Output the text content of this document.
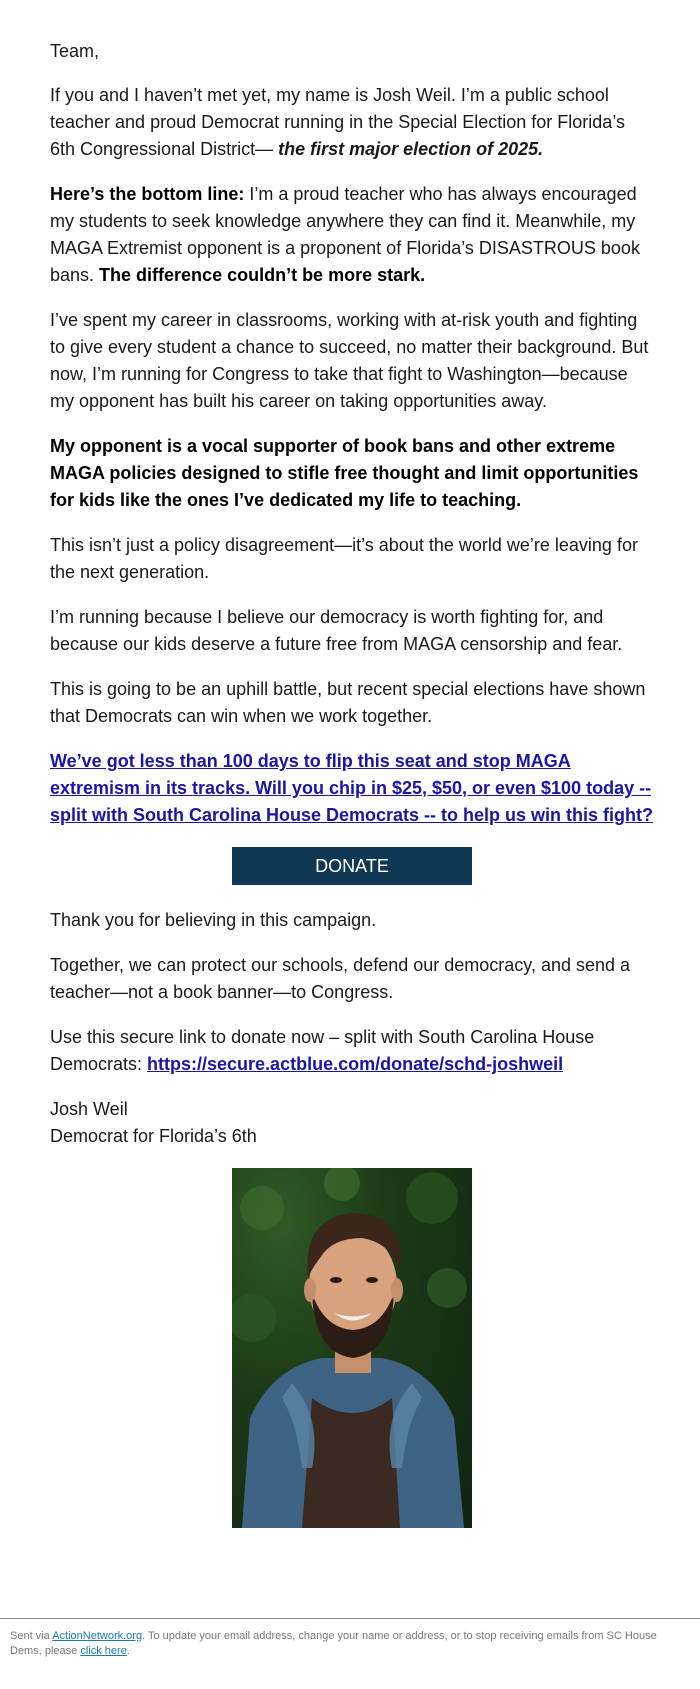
Team,

If you and I haven’t met yet, my name is Josh Weil. I’m a public school teacher and proud Democrat running in the Special Election for Florida’s 6th Congressional District— the first major election of 2025.

Here’s the bottom line: I’m a proud teacher who has always encouraged my students to seek knowledge anywhere they can find it. Meanwhile, my MAGA Extremist opponent is a proponent of Florida’s DISASTROUS book bans. The difference couldn’t be more stark.

I’ve spent my career in classrooms, working with at-risk youth and fighting to give every student a chance to succeed, no matter their background. But now, I’m running for Congress to take that fight to Washington—because my opponent has built his career on taking opportunities away.

My opponent is a vocal supporter of book bans and other extreme MAGA policies designed to stifle free thought and limit opportunities for kids like the ones I’ve dedicated my life to teaching.

This isn’t just a policy disagreement—it’s about the world we’re leaving for the next generation.

I’m running because I believe our democracy is worth fighting for, and because our kids deserve a future free from MAGA censorship and fear.

This is going to be an uphill battle, but recent special elections have shown that Democrats can win when we work together.

We’ve got less than 100 days to flip this seat and stop MAGA extremism in its tracks. Will you chip in $25, $50, or even $100 today -- split with South Carolina House Democrats -- to help us win this fight?

DONATE

Thank you for believing in this campaign.

Together, we can protect our schools, defend our democracy, and send a teacher—not a book banner—to Congress.

Use this secure link to donate now – split with South Carolina House Democrats: https://secure.actblue.com/donate/schd-joshweil

Josh Weil
Democrat for Florida’s 6th

Sent via ActionNetwork.org. To update your email address, change your name or address, or to stop receiving emails from SC House Dems, please click here.
